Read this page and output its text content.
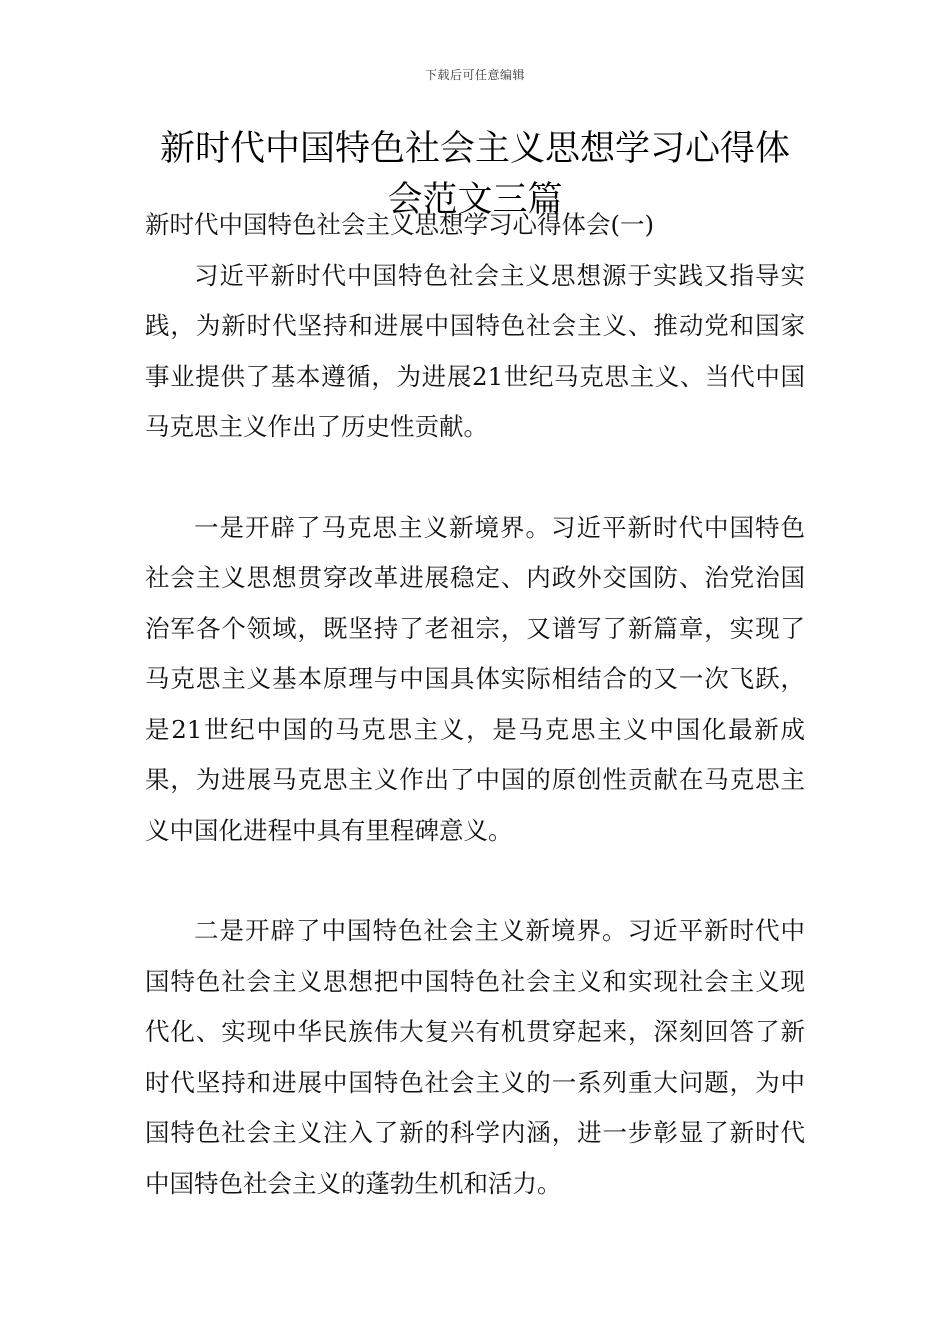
下载后可任意编辑
新时代中国特色社会主义思想学习心得体会范文三篇

新时代中国特色社会主义思想学习心得体会(一)

习近平新时代中国特色社会主义思想源于实践又指导实践，为新时代坚持和进展中国特色社会主义、推动党和国家事业提供了基本遵循，为进展21世纪马克思主义、当代中国马克思主义作出了历史性贡献。

一是开辟了马克思主义新境界。习近平新时代中国特色社会主义思想贯穿改革进展稳定、内政外交国防、治党治国治军各个领域，既坚持了老祖宗，又谱写了新篇章，实现了马克思主义基本原理与中国具体实际相结合的又一次飞跃，是21世纪中国的马克思主义，是马克思主义中国化最新成果，为进展马克思主义作出了中国的原创性贡献在马克思主义中国化进程中具有里程碑意义。

二是开辟了中国特色社会主义新境界。习近平新时代中国特色社会主义思想把中国特色社会主义和实现社会主义现代化、实现中华民族伟大复兴有机贯穿起来，深刻回答了新时代坚持和进展中国特色社会主义的一系列重大问题，为中国特色社会主义注入了新的科学内涵，进一步彰显了新时代中国特色社会主义的蓬勃生机和活力。
